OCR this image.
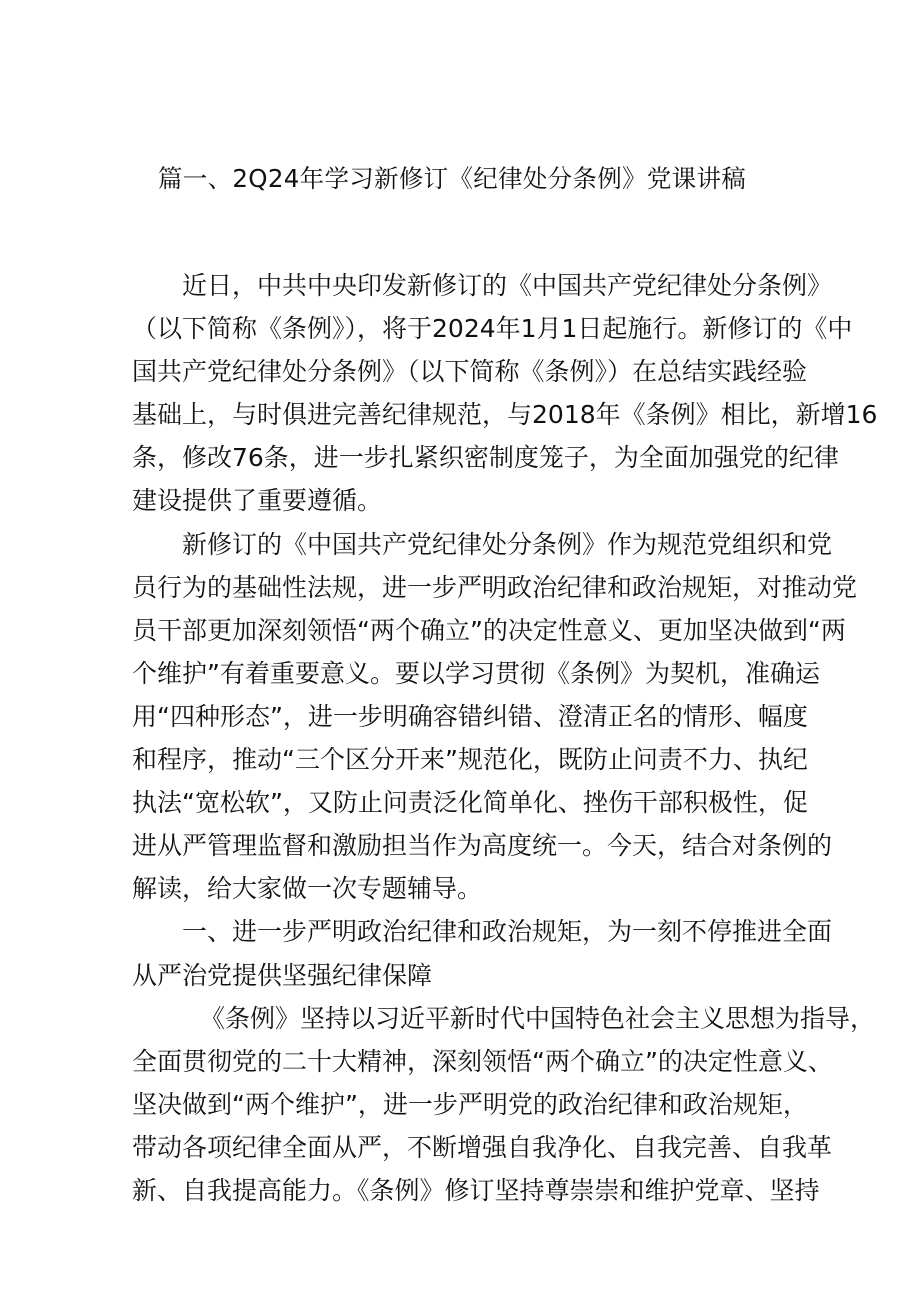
篇一、2Q24年学习新修订《纪律处分条例》党课讲稿
近日，中共中央印发新修订的《中国共产党纪律处分条例》
（以下简称《条例》），将于2024年1月1日起施行。新修订的《中
国共产党纪律处分条例》（以下简称《条例》）在总结实践经验
基础上，与时俱进完善纪律规范，与2018年《条例》相比，新增16
条，修改76条，进一步扎紧织密制度笼子，为全面加强党的纪律
建设提供了重要遵循。
新修订的《中国共产党纪律处分条例》作为规范党组织和党
员行为的基础性法规，进一步严明政治纪律和政治规矩，对推动党
员干部更加深刻领悟“两个确立”的决定性意义、更加坚决做到“两
个维护”有着重要意义。要以学习贯彻《条例》为契机，准确运
用“四种形态”，进一步明确容错纠错、澄清正名的情形、幅度
和程序，推动“三个区分开来”规范化，既防止问责不力、执纪
执法“宽松软”，又防止问责泛化简单化、挫伤干部积极性，促
进从严管理监督和激励担当作为高度统一。今天，结合对条例的
解读，给大家做一次专题辅导。
一、进一步严明政治纪律和政治规矩，为一刻不停推进全面
从严治党提供坚强纪律保障
《条例》坚持以习近平新时代中国特色社会主义思想为指导，
全面贯彻党的二十大精神，深刻领悟“两个确立”的决定性意义、
坚决做到“两个维护”，进一步严明党的政治纪律和政治规矩，
带动各项纪律全面从严，不断增强自我净化、自我完善、自我革
新、自我提高能力。《条例》修订坚持尊崇崇和维护党章、坚持
